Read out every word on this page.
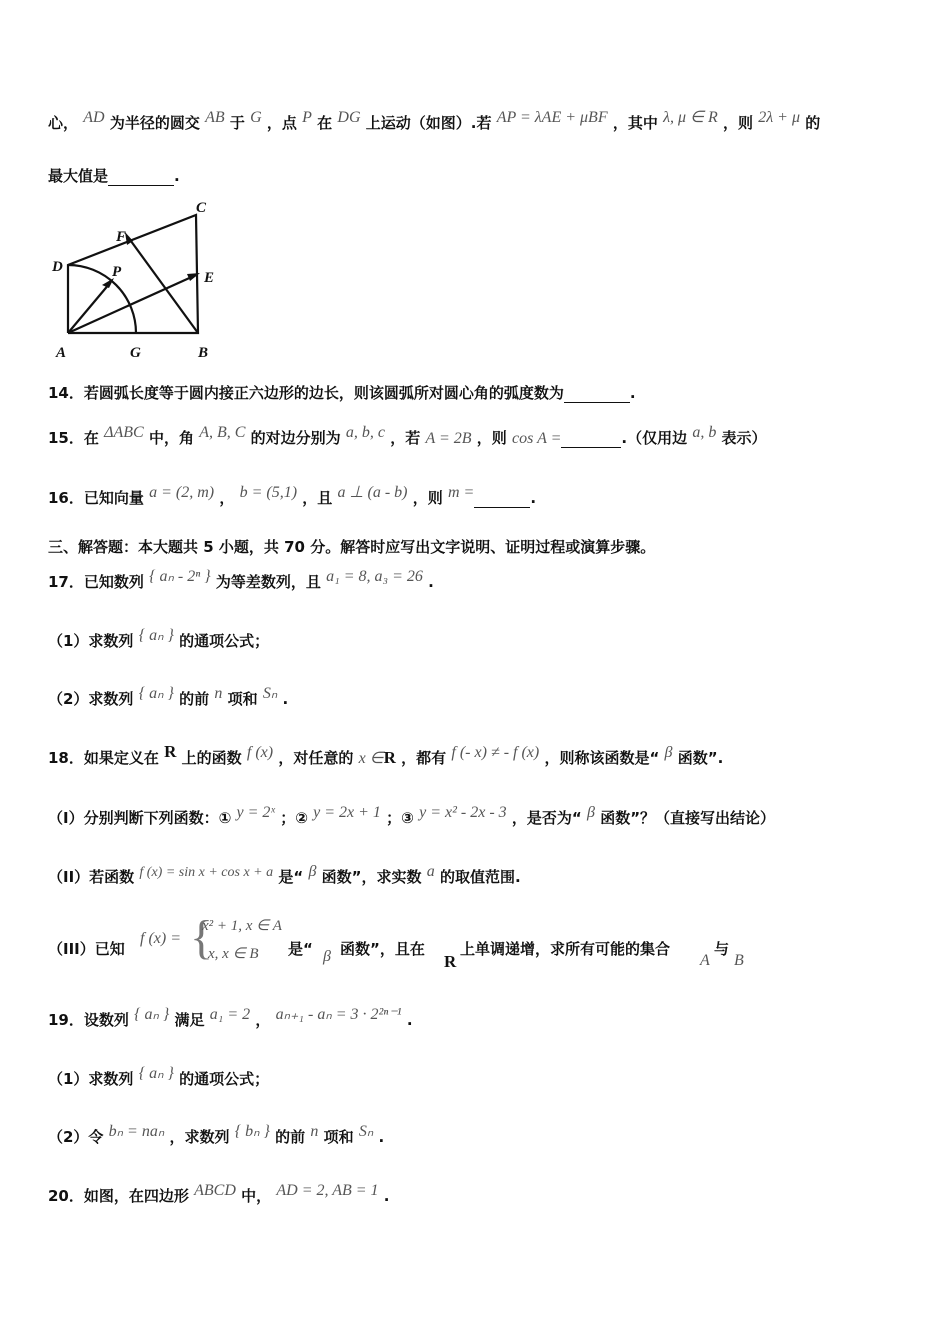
心， AD 为半径的圆交 AB 于 G ，点 P 在 DG 上运动（如图）.若 AP = λAE + μBF ，其中 λ, μ ∈ R ，则 2λ + μ 的
最大值是	.
A	B
C
D
E
F
G
P
14．若圆弧长度等于圆内接正六边形的边长，则该圆弧所对圆心角的弧度数为	.
15．在 ΔABC 中，角 A, B, C 的对边分别为 a, b, c ，若 A = 2B ，则 cos A =	.（仅用边 a, b 表示）
16．已知向量 a = (2, m) ， b = (5,1) ，且 a ⊥ (a - b) ，则 m =	.
三、解答题：本大题共 5 小题，共 70 分。解答时应写出文字说明、证明过程或演算步骤。
17．已知数列 { aₙ - 2ⁿ } 为等差数列，且 a₁ = 8, a₃ = 26 .
（1）求数列 { aₙ } 的通项公式；
（2）求数列 { aₙ } 的前 n 项和 Sₙ .
18．如果定义在 R 上的函数 f (x) ，对任意的 x ∈R ，都有 f (- x) ≠ - f (x) ，则称该函数是“ β 函数”.
（I）分别判断下列函数：① y = 2ˣ ；② y = 2x + 1 ；③ y = x² - 2x - 3 ，是否为“ β 函数”？（直接写出结论）
（II）若函数 f (x) = sin x + cos x + a 是“ β 函数”，求实数 a 的取值范围.
（III）已知
f (x) = {
x² + 1, x ∈ A
x, x ∈ B 是“ β 函数”，且在
R
上单调递增，求所有可能的集合
A
与
B
19．设数列 { aₙ } 满足 a₁ = 2 ， aₙ₊₁ - aₙ = 3 · 2²ⁿ⁻¹ .
（1）求数列 { aₙ } 的通项公式；
（2）令 bₙ = naₙ ，求数列 { bₙ } 的前 n 项和 Sₙ .
20．如图，在四边形 ABCD 中， AD = 2, AB = 1 .
